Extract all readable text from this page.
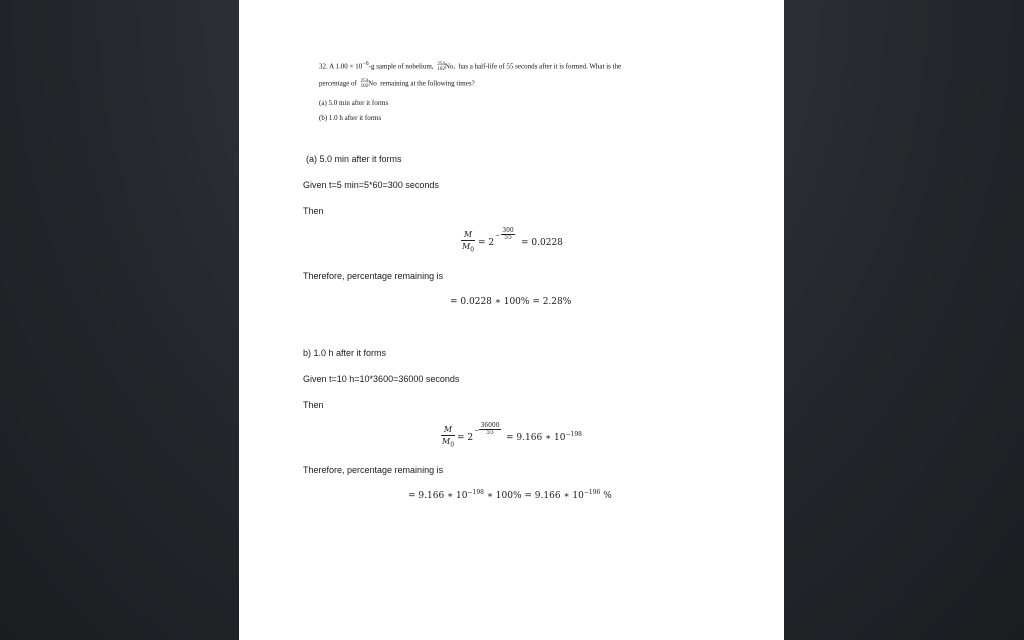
32. A 1.00 × 10−6-g sample of nobelium, 254
102No, has a half-life of 55 seconds after it is formed. What is the
percentage of 254
102No remaining at the following times?
(a) 5.0 min after it forms
(b) 1.0 h after it forms
(a) 5.0 min after it forms
Given t=5 min=5*60=300 seconds
Then
M
$M_0$
= 2
−
300
55
= 0.0228
Therefore, percentage remaining is
= 0.0228 ∗ 100% = 2.28%
b) 1.0 h after it forms
Given t=10 h=10*3600=36000 seconds
Then
M
$M_0$
= 2
−
36000
55
= 9.166 ∗ $10^{-198}$
Therefore, percentage remaining is
= 9.166 ∗ $10^{-198}$ ∗ 100% = 9.166 ∗ $10^{-196}$ %
